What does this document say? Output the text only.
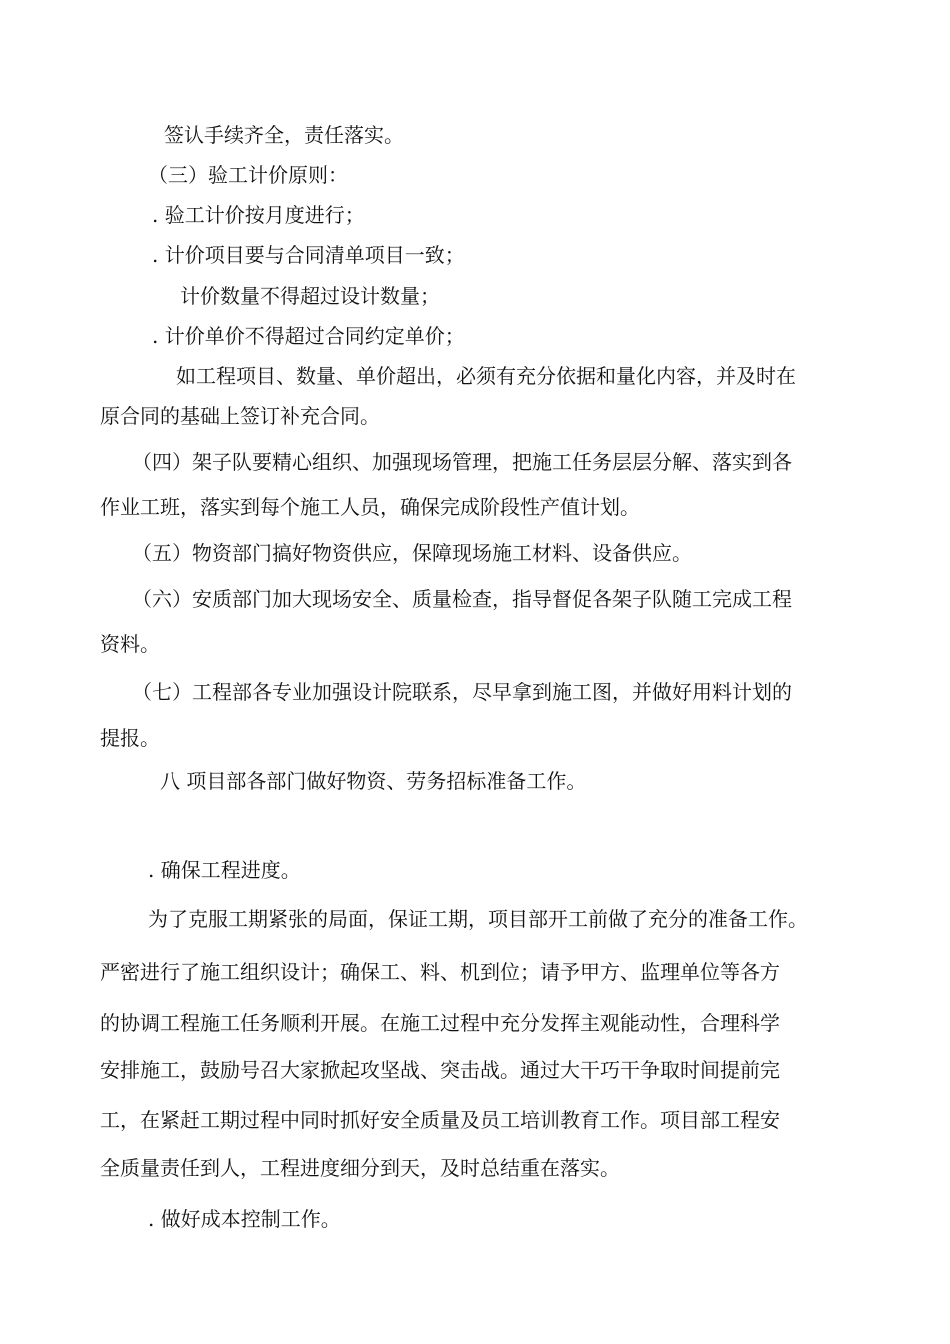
签认手续齐全，责任落实。
（三）验工计价原则：
. 验工计价按月度进行；
. 计价项目要与合同清单项目一致；
计价数量不得超过设计数量；
. 计价单价不得超过合同约定单价；
如工程项目、数量、单价超出，必须有充分依据和量化内容，并及时在
原合同的基础上签订补充合同。
（四）架子队要精心组织、加强现场管理，把施工任务层层分解、落实到各
作业工班，落实到每个施工人员，确保完成阶段性产值计划。
（五）物资部门搞好物资供应，保障现场施工材料、设备供应。
（六）安质部门加大现场安全、质量检查，指导督促各架子队随工完成工程
资料。
（七）工程部各专业加强设计院联系，尽早拿到施工图，并做好用料计划的
提报。
八 项目部各部门做好物资、劳务招标准备工作。
. 确保工程进度。
为了克服工期紧张的局面，保证工期，项目部开工前做了充分的准备工作。
严密进行了施工组织设计；确保工、料、机到位；请予甲方、监理单位等各方
的协调工程施工任务顺利开展。在施工过程中充分发挥主观能动性，合理科学
安排施工，鼓励号召大家掀起攻坚战、突击战。通过大干巧干争取时间提前完
工，在紧赶工期过程中同时抓好安全质量及员工培训教育工作。项目部工程安
全质量责任到人，工程进度细分到天，及时总结重在落实。
. 做好成本控制工作。
